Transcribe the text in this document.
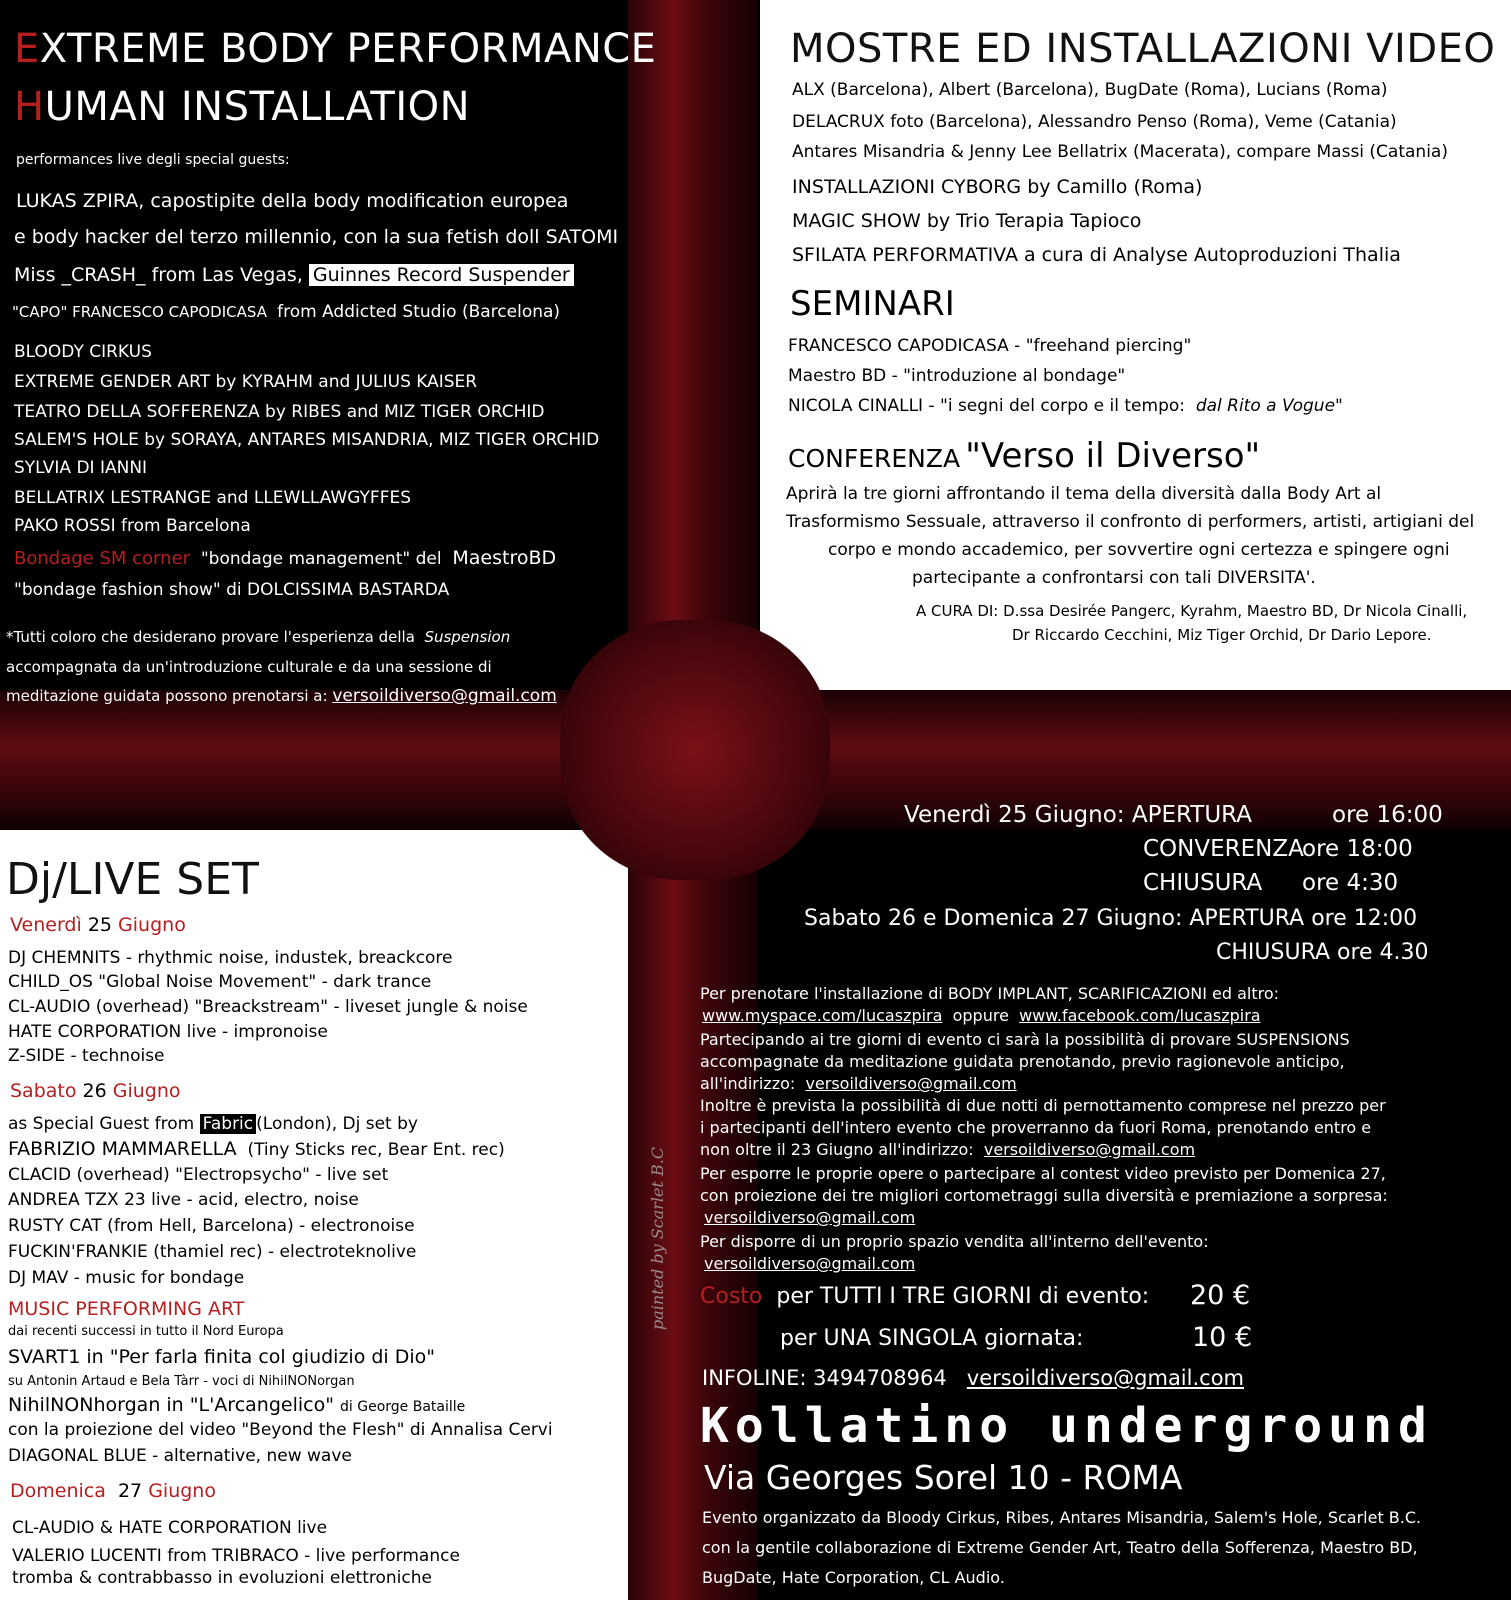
EXTREME BODY PERFORMANCE
HUMAN INSTALLATION
performances live degli special guests:
LUKAS ZPIRA, capostipite della body modification europea
e body hacker del terzo millennio, con la sua fetish doll SATOMI
Miss _CRASH_ from Las Vegas, Guinnes Record Suspender
"CAPO" FRANCESCO CAPODICASA from Addicted Studio (Barcelona)
BLOODY CIRKUS
EXTREME GENDER ART by KYRAHM and JULIUS KAISER
TEATRO DELLA SOFFERENZA by RIBES and MIZ TIGER ORCHID
SALEM'S HOLE by SORAYA, ANTARES MISANDRIA, MIZ TIGER ORCHID
SYLVIA DI IANNI
BELLATRIX LESTRANGE and LLEWLLAWGYFFES
PAKO ROSSI from Barcelona
Bondage SM corner "bondage management" del MaestroBD
"bondage fashion show" di DOLCISSIMA BASTARDA
*Tutti coloro che desiderano provare l'esperienza della Suspension
accompagnata da un'introduzione culturale e da una sessione di
meditazione guidata possono prenotarsi a: versoildiverso@gmail.com
MOSTRE ED INSTALLAZIONI VIDEO
ALX (Barcelona), Albert (Barcelona), BugDate (Roma), Lucians (Roma)
DELACRUX foto (Barcelona), Alessandro Penso (Roma), Veme (Catania)
Antares Misandria & Jenny Lee Bellatrix (Macerata), compare Massi (Catania)
INSTALLAZIONI CYBORG by Camillo (Roma)
MAGIC SHOW by Trio Terapia Tapioco
SFILATA PERFORMATIVA a cura di Analyse Autoproduzioni Thalia
SEMINARI
FRANCESCO CAPODICASA - "freehand piercing"
Maestro BD - "introduzione al bondage"
NICOLA CINALLI - "i segni del corpo e il tempo: dal Rito a Vogue"
CONFERENZA "Verso il Diverso"
Aprirà la tre giorni affrontando il tema della diversità dalla Body Art al
Trasformismo Sessuale, attraverso il confronto di performers, artisti, artigiani del
corpo e mondo accademico, per sovvertire ogni certezza e spingere ogni
partecipante a confrontarsi con tali DIVERSITA'.
A CURA DI: D.ssa Desirée Pangerc, Kyrahm, Maestro BD, Dr Nicola Cinalli,
Dr Riccardo Cecchini, Miz Tiger Orchid, Dr Dario Lepore.
Dj/LIVE SET
Venerdì 25 Giugno
DJ CHEMNITS - rhythmic noise, industek, breackcore
CHILD_OS "Global Noise Movement" - dark trance
CL-AUDIO (overhead) "Breackstream" - liveset jungle & noise
HATE CORPORATION live - impronoise
Z-SIDE - technoise
Sabato 26 Giugno
as Special Guest from Fabric (London), Dj set by
FABRIZIO MAMMARELLA (Tiny Sticks rec, Bear Ent. rec)
CLACID (overhead) "Electropsycho" - live set
ANDREA TZX 23 live - acid, electro, noise
RUSTY CAT (from Hell, Barcelona) - electronoise
FUCKIN'FRANKIE (thamiel rec) - electroteknolive
DJ MAV - music for bondage
MUSIC PERFORMING ART
dai recenti successi in tutto il Nord Europa
SVART1 in "Per farla finita col giudizio di Dio"
su Antonin Artaud e Bela Tàrr - voci di NihilNONorgan
NihilNONhorgan in "L'Arcangelico" di George Bataille
con la proiezione del video "Beyond the Flesh" di Annalisa Cervi
DIAGONAL BLUE - alternative, new wave
Domenica 27 Giugno
CL-AUDIO & HATE CORPORATION live
VALERIO LUCENTI from TRIBRACO - live performance
tromba & contrabbasso in evoluzioni elettroniche
painted by Scarlet B.C
Venerdì 25 Giugno: APERTURA	ore 16:00
CONVERENZA
ore 18:00
CHIUSURA ore 4:30
Sabato 26 e Domenica 27 Giugno: APERTURA ore 12:00
CHIUSURA ore 4.30
Per prenotare l'installazione di BODY IMPLANT, SCARIFICAZIONI ed altro:
www.myspace.com/lucaszpira oppure www.facebook.com/lucaszpira
Partecipando ai tre giorni di evento ci sarà la possibilità di provare SUSPENSIONS
accompagnate da meditazione guidata prenotando, previo ragionevole anticipo,
all'indirizzo: versoildiverso@gmail.com
Inoltre è prevista la possibilità di due notti di pernottamento comprese nel prezzo per
i partecipanti dell'intero evento che proverranno da fuori Roma, prenotando entro e
non oltre il 23 Giugno all'indirizzo: versoildiverso@gmail.com
Per esporre le proprie opere o partecipare al contest video previsto per Domenica 27,
con proiezione dei tre migliori cortometraggi sulla diversità e premiazione a sorpresa:
versoildiverso@gmail.com
Per disporre di un proprio spazio vendita all'interno dell'evento:
versoildiverso@gmail.com
Costo per TUTTI I TRE GIORNI di evento: 20 €
per UNA SINGOLA giornata:	10 €
INFOLINE: 3494708964 versoildiverso@gmail.com
Kollatino underground
Via Georges Sorel 10 - ROMA
Evento organizzato da Bloody Cirkus, Ribes, Antares Misandria, Salem's Hole, Scarlet B.C.
con la gentile collaborazione di Extreme Gender Art, Teatro della Sofferenza, Maestro BD,
BugDate, Hate Corporation, CL Audio.
